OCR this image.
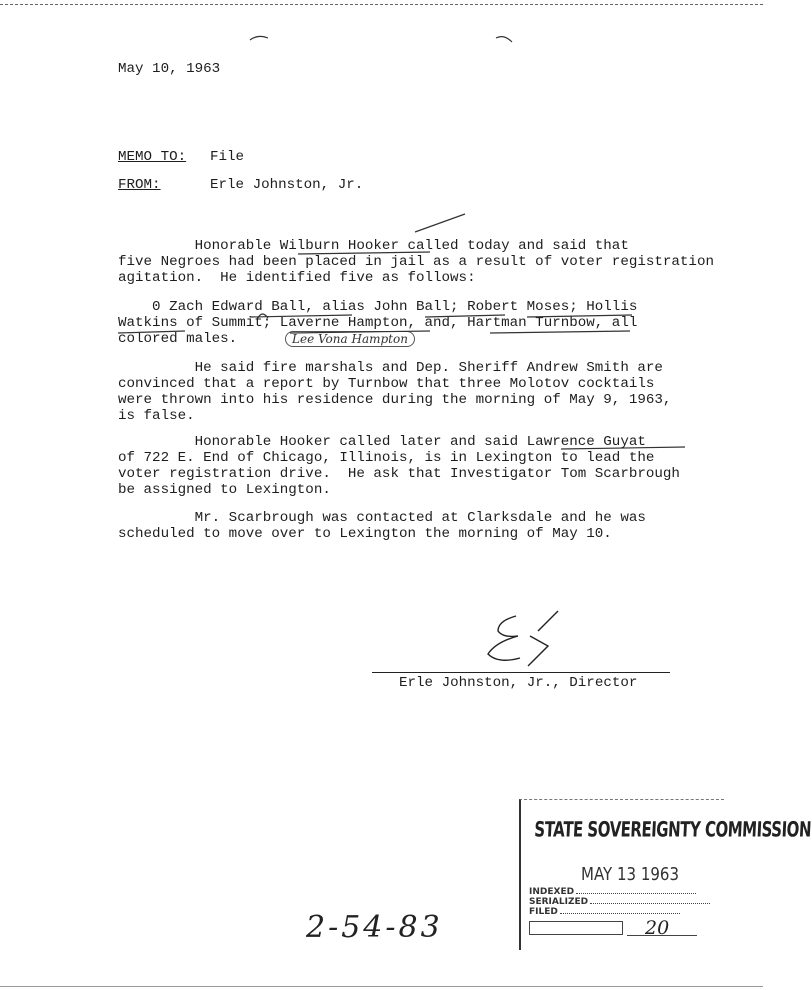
May 10, 1963
MEMO TO: File
FROM:	Erle Johnston, Jr.
Honorable Wilburn Hooker called today and said that
five Negroes had been placed in jail as a result of voter registration
agitation.  He identified five as follows:
0 Zach Edward Ball, alias John Ball; Robert Moses; Hollis
Watkins of Summit; Laverne Hampton, and, Hartman Turnbow, all
colored males.	Lee Vona Hampton
He said fire marshals and Dep. Sheriff Andrew Smith are
convinced that a report by Turnbow that three Molotov cocktails
were thrown into his residence during the morning of May 9, 1963,
is false.
Honorable Hooker called later and said Lawrence Guyat
of 722 E. End of Chicago, Illinois, is in Lexington to lead the
voter registration drive.  He ask that Investigator Tom Scarbrough
be assigned to Lexington.
Mr. Scarbrough was contacted at Clarksdale and he was
scheduled to move over to Lexington the morning of May 10.
Erle Johnston, Jr., Director
STATE SOVEREIGNTY COMMISSION
MAY 13 1963
INDEXED
SERIALIZED
FILED
20
2-54-83
